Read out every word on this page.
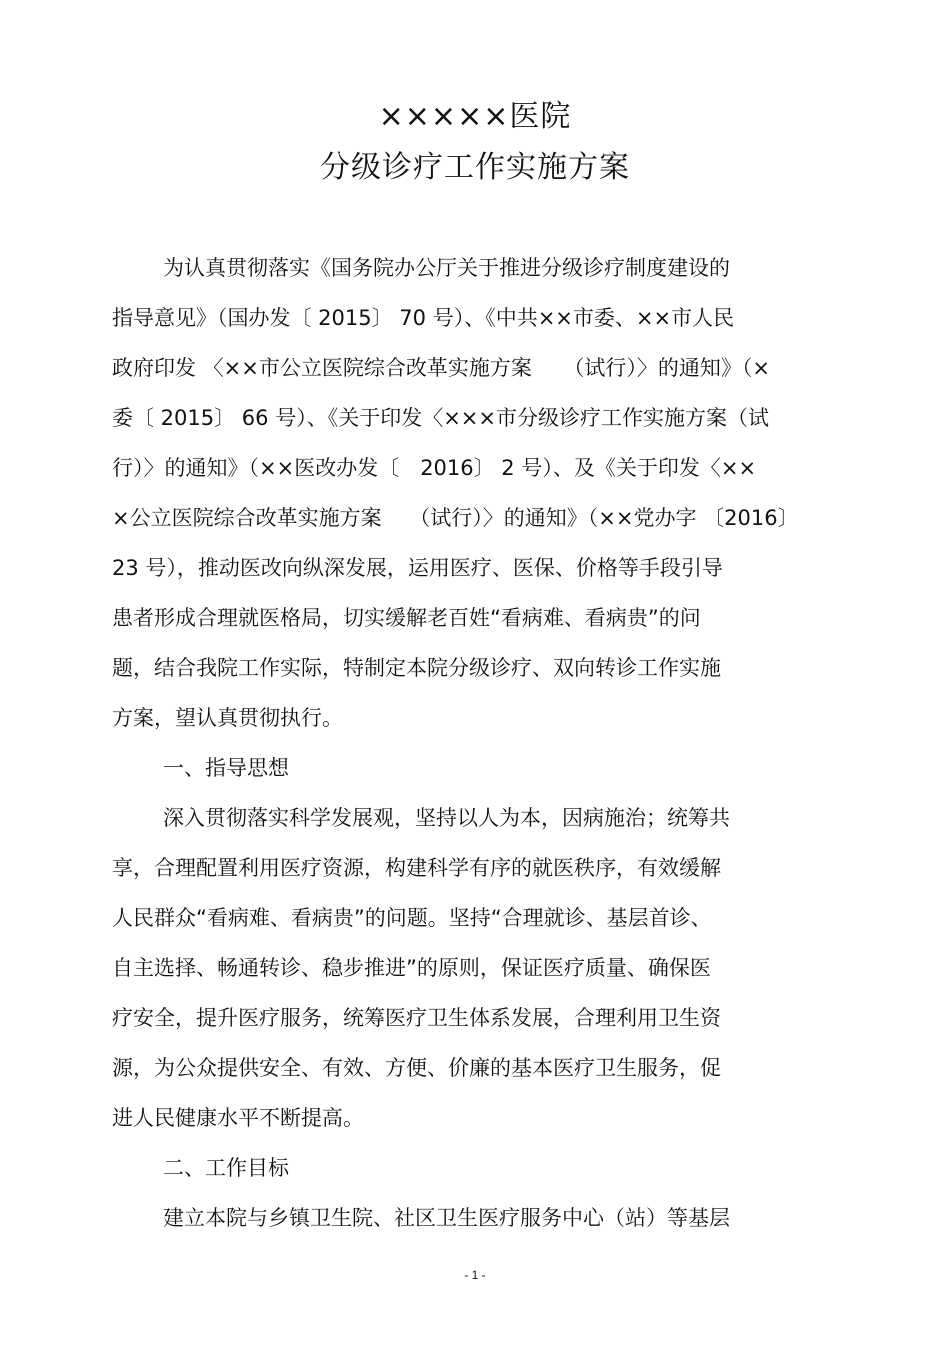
×××××医院
分级诊疗工作实施方案
为认真贯彻落实《国务院办公厅关于推进分级诊疗制度建设的
指导意见》（国办发〔 2015〕 70 号）、《中共××市委、××市人民
政府印发 〈××市公立医院综合改革实施方案　　（试行）〉的通知》（×
委〔 2015〕 66 号）、《关于印发〈×××市分级诊疗工作实施方案（试
行）〉的通知》（××医改办发〔　2016〕 2 号）、及《关于印发〈××
×公立医院综合改革实施方案　 （试行）〉的通知》（××党办字 〔2016〕
23 号），推动医改向纵深发展，运用医疗、医保、价格等手段引导
患者形成合理就医格局，切实缓解老百姓“看病难、看病贵”的问
题，结合我院工作实际，特制定本院分级诊疗、双向转诊工作实施
方案，望认真贯彻执行。
一、指导思想
深入贯彻落实科学发展观，坚持以人为本，因病施治；统筹共
享，合理配置利用医疗资源，构建科学有序的就医秩序，有效缓解
人民群众“看病难、看病贵”的问题。坚持“合理就诊、基层首诊、
自主选择、畅通转诊、稳步推进”的原则，保证医疗质量、确保医
疗安全，提升医疗服务，统筹医疗卫生体系发展，合理利用卫生资
源，为公众提供安全、有效、方便、价廉的基本医疗卫生服务，促
进人民健康水平不断提高。
二、工作目标
建立本院与乡镇卫生院、社区卫生医疗服务中心（站）等基层
- 1 -
